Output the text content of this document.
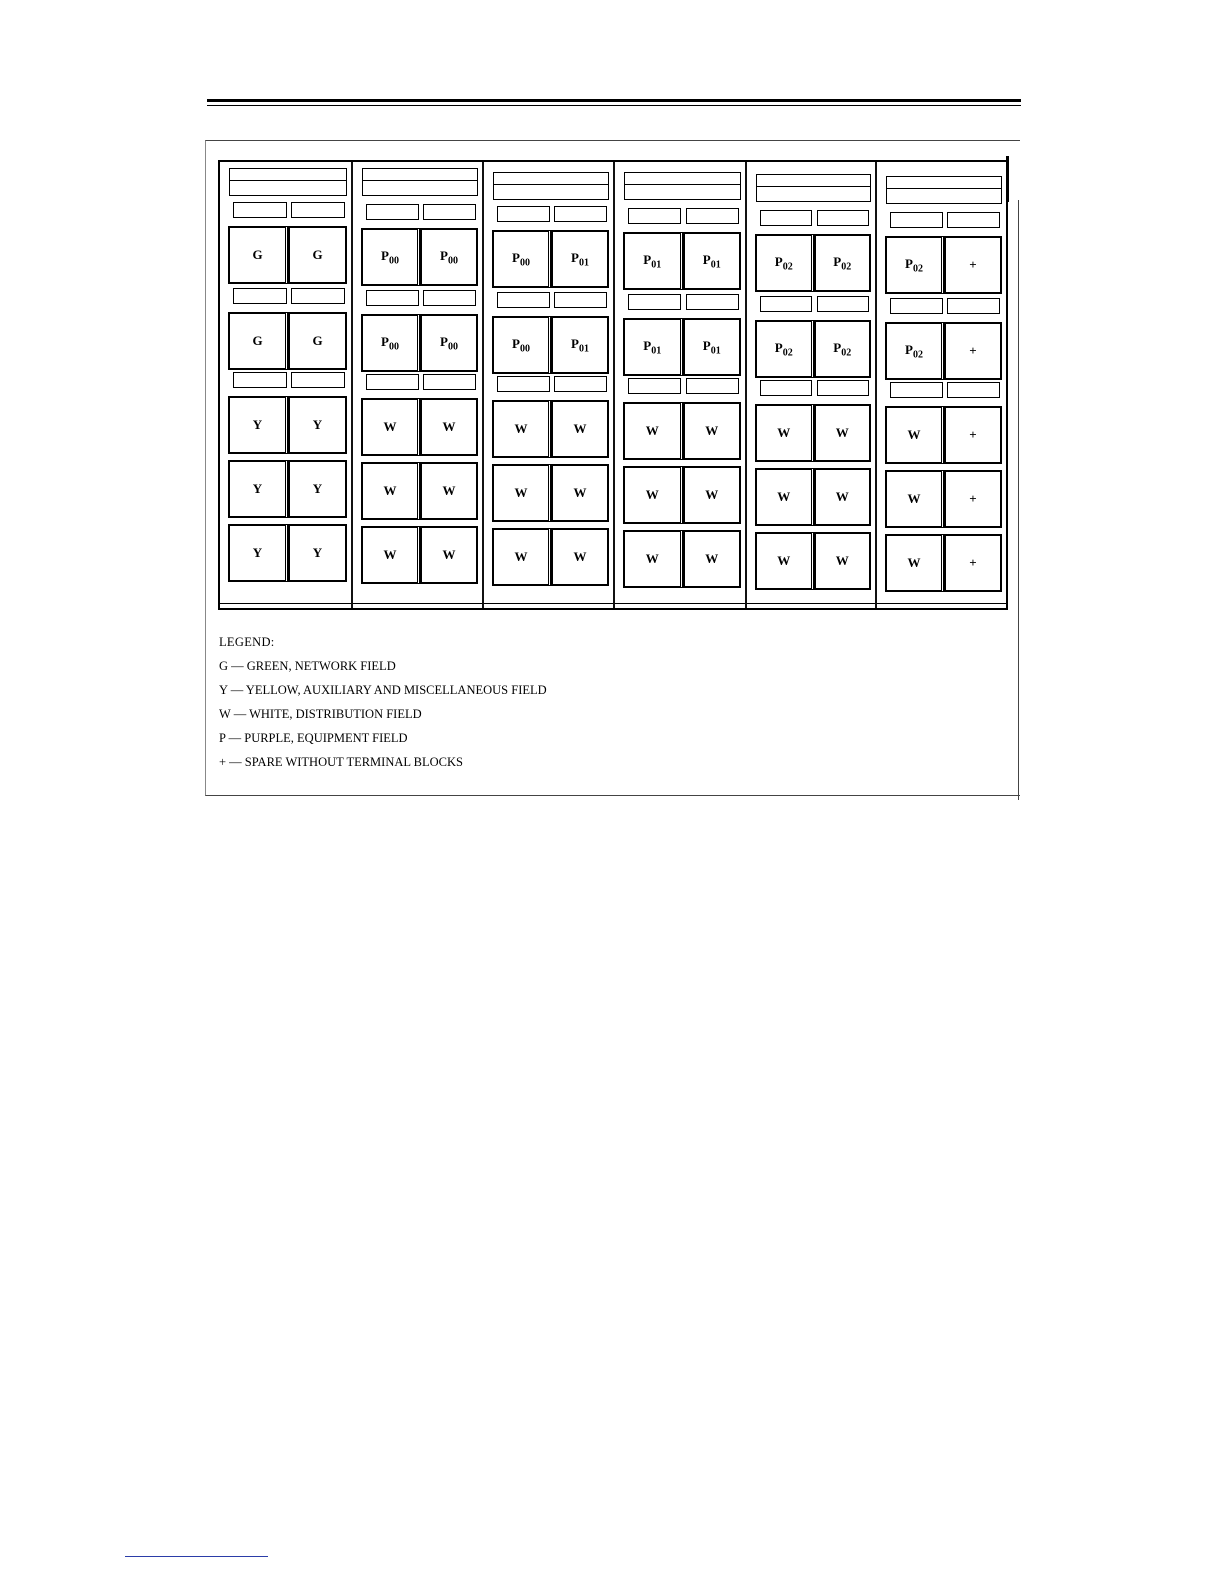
G	G
G	G
Y	Y
Y	Y
Y	Y
$P_{00}$	$P_{00}$
$P_{00}$	$P_{00}$
W	W
W	W
W	W
$P_{00}$	$P_{01}$
$P_{00}$	$P_{01}$
W	W
W	W
W	W
$P_{01}$	$P_{01}$
$P_{01}$	$P_{01}$
W	W
W	W
W	W
$P_{02}$	$P_{02}$
$P_{02}$	$P_{02}$
W	W
W	W
W	W
$P_{02}$	+
$P_{02}$	+
W	+
W	+
W	+
LEGEND:
G — GREEN, NETWORK FIELD
Y — YELLOW, AUXILIARY AND MISCELLANEOUS FIELD
W — WHITE, DISTRIBUTION FIELD
P — PURPLE, EQUIPMENT FIELD
+ — SPARE WITHOUT TERMINAL BLOCKS
